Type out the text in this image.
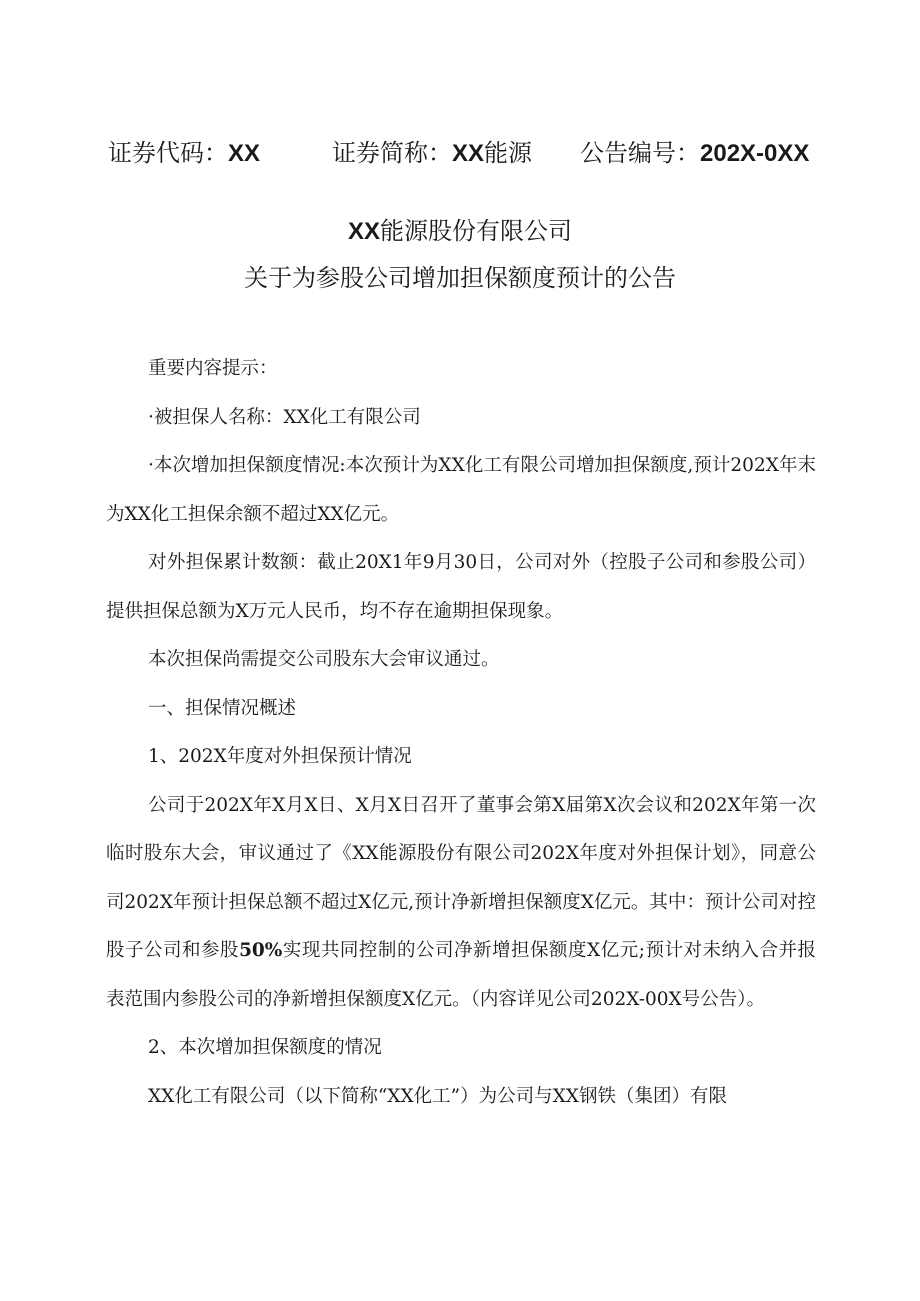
证券代码：XX	证券简称：XX能源 公告编号：202X-0XX
XX能源股份有限公司
关于为参股公司增加担保额度预计的公告

重要内容提示：

·被担保人名称：XX化工有限公司

·本次增加担保额度情况:本次预计为XX化工有限公司增加担保额度,预计202X年末为XX化工担保余额不超过XX亿元。

对外担保累计数额：截止20X1年9月30日，公司对外（控股子公司和参股公司）提供担保总额为X万元人民币，均不存在逾期担保现象。

本次担保尚需提交公司股东大会审议通过。

一、担保情况概述

1、202X年度对外担保预计情况

公司于202X年X月X日、X月X日召开了董事会第X届第X次会议和202X年第一次临时股东大会，审议通过了《XX能源股份有限公司202X年度对外担保计划》，同意公司202X年预计担保总额不超过X亿元,预计净新增担保额度X亿元。其中：预计公司对控股子公司和参股50%实现共同控制的公司净新增担保额度X亿元;预计对未纳入合并报表范围内参股公司的净新增担保额度X亿元。（内容详见公司202X-00X号公告）。

2、本次增加担保额度的情况

XX化工有限公司（以下简称“XX化工”）为公司与XX钢铁（集团）有限
